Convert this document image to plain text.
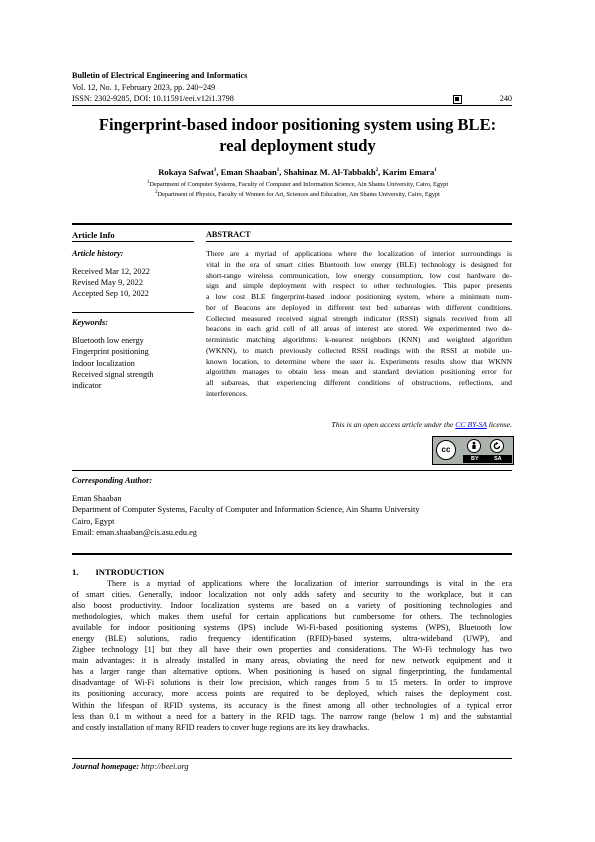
Bulletin of Electrical Engineering and Informatics
Vol. 12, No. 1, February 2023, pp. 240~249
ISSN: 2302-9285, DOI: 10.11591/eei.v12i1.3798	240
Fingerprint-based indoor positioning system using BLE:
real deployment study
Rokaya Safwat$^1$, Eman Shaaban$^1$, Shahinaz M. Al-Tabbakh$^2$, Karim Emara$^1$
$^1$Department of Computer Systems, Faculty of Computer and Information Science, Ain Shams University, Cairo, Egypt
$^2$Department of Physics, Faculty of Women for Art, Sciences and Education, Ain Shams University, Cairo, Egypt
Article Info
Article history:
Received Mar 12, 2022
Revised May 9, 2022
Accepted Sep 10, 2022
Keywords:
Bluetooth low energy
Fingerprint positioning
Indoor localization
Received signal strength
indicator
ABSTRACT
There are a myriad of applications where the localization of interior surroundings is
vital in the era of smart cities Bluetooth low energy (BLE) technology is designed for
short-range wireless communication, low energy consumption, low cost hardware de-
sign and simple deployment with respect to other technologies. This paper presents
a low cost BLE fingerprint-based indoor positioning system, where a minimum num-
ber of Beacons are deployed in different test bed subareas with different conditions.
Collected measured received signal strength indicator (RSSI) signals received from all
beacons in each grid cell of all areas of interest are stored. We experimented two de-
terministic matching algorithms: k-nearest neighbors (KNN) and weighted algorithm
(WKNN), to match previously collected RSSI readings with the RSSI at mobile un-
known location, to determine where the user is. Experiments results show that WKNN
algorithm manages to obtain less mean and standard deviation positioning error for
all subareas, that experiencing different conditions of obstructions, reflections, and
interferences.
This is an open access article under the CC BY-SA license.
cc
BY	SA
Corresponding Author:
Eman Shaaban
Department of Computer Systems, Faculty of Computer and Information Science, Ain Shams University
Cairo, Egypt
Email: eman.shaaban@cis.asu.edu.eg
1. INTRODUCTION
There is a myriad of applications where the localization of interior surroundings is vital in the era
of smart cities. Generally, indoor localization not only adds safety and security to the workplace, but it can
also boost productivity. Indoor localization systems are based on a variety of positioning technologies and
methodologies, which makes them useful for certain applications but cumbersome for others. The technologies
available for indoor positioning systems (IPS) include Wi-Fi-based positioning systems (WPS), Bluetooth low
energy (BLE) solutions, radio frequency identification (RFID)-based systems, ultra-wideband (UWP), and
Zigbee technology [1] but they all have their own properties and considerations. The Wi-Fi technology has two
main advantages: it is already installed in many areas, obviating the need for new network equipment and it
has a larger range than alternative options. When positioning is based on signal fingerprinting, the fundamental
disadvantage of Wi-Fi solutions is their low precision, which ranges from 5 to 15 meters. In order to improve
its positioning accuracy, more access points are required to be deployed, which raises the deployment cost.
Within the lifespan of RFID systems, its accuracy is the finest among all other technologies of a typical error
less than 0.1 m without a need for a battery in the RFID tags. The narrow range (below 1 m) and the substantial
and costly installation of many RFID readers to cover huge regions are its key drawbacks.
Journal homepage: http://beei.org
